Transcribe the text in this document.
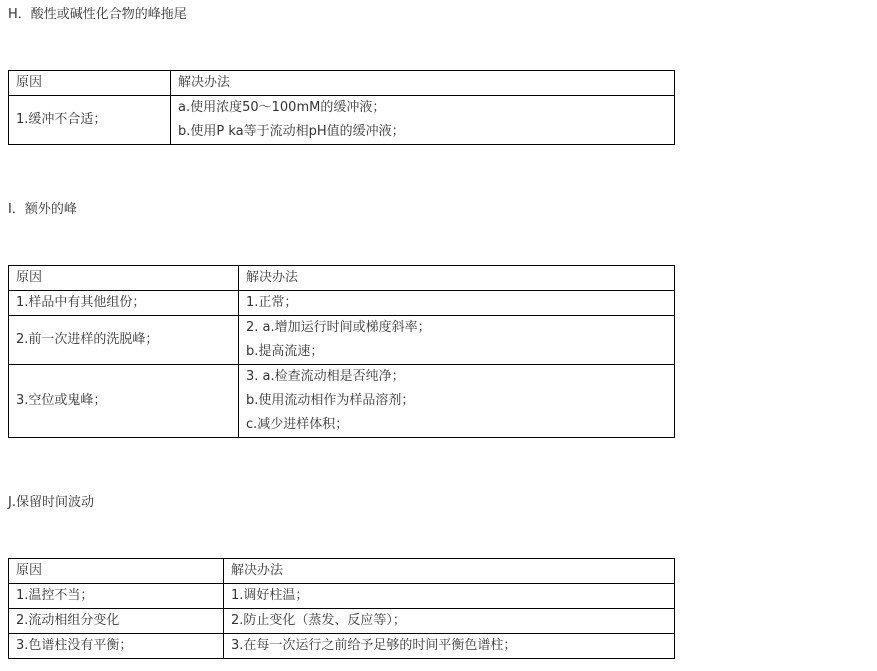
H．酸性或碱性化合物的峰拖尾
原因	解决办法
1.缓冲不合适；	a.使用浓度50～100mM的缓冲液；
b.使用P ka等于流动相pH值的缓冲液；
I．额外的峰
原因	解决办法
1.样品中有其他组份；	1.正常；

2.前一次进样的洗脱峰；	2. a.增加运行时间或梯度斜率；
b.提高流速；

3.空位或鬼峰；	3. a.检查流动相是否纯净；
b.使用流动相作为样品溶剂；
c.减少进样体积；
J.保留时间波动
原因	解决办法
1.温控不当；	1.调好柱温；
2.流动相组分变化	2.防止变化（蒸发、反应等）；
3.色谱柱没有平衡；	3.在每一次运行之前给予足够的时间平衡色谱柱；
